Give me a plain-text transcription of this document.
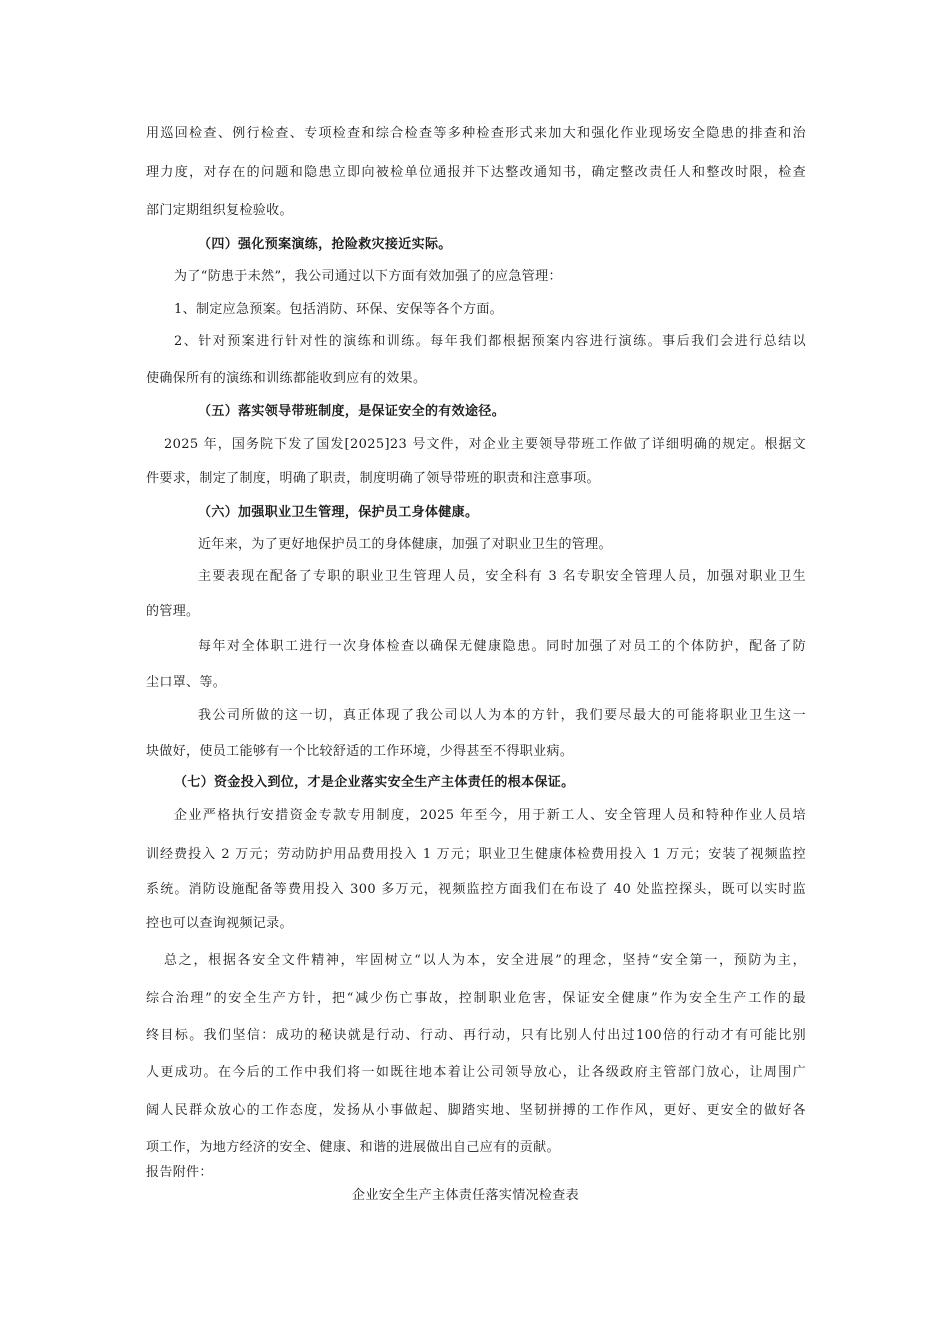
用巡回检查、例行检查、专项检查和综合检查等多种检查形式来加大和强化作业现场安全隐患的排查和治

理力度，对存在的问题和隐患立即向被检单位通报并下达整改通知书，确定整改责任人和整改时限，检查

部门定期组织复检验收。

（四）强化预案演练，抢险救灾接近实际。

为了“防患于未然”，我公司通过以下方面有效加强了的应急管理：

1、制定应急预案。包括消防、环保、安保等各个方面。

2、针对预案进行针对性的演练和训练。每年我们都根据预案内容进行演练。事后我们会进行总结以

使确保所有的演练和训练都能收到应有的效果。

（五）落实领导带班制度，是保证安全的有效途径。

2025 年，国务院下发了国发[2025]23 号文件，对企业主要领导带班工作做了详细明确的规定。根据文

件要求，制定了制度，明确了职责，制度明确了领导带班的职责和注意事项。

（六）加强职业卫生管理，保护员工身体健康。

近年来，为了更好地保护员工的身体健康，加强了对职业卫生的管理。

主要表现在配备了专职的职业卫生管理人员，安全科有 3 名专职安全管理人员，加强对职业卫生

的管理。

每年对全体职工进行一次身体检查以确保无健康隐患。同时加强了对员工的个体防护，配备了防

尘口罩、等。

我公司所做的这一切，真正体现了我公司以人为本的方针，我们要尽最大的可能将职业卫生这一

块做好，使员工能够有一个比较舒适的工作环境，少得甚至不得职业病。

（七）资金投入到位，才是企业落实安全生产主体责任的根本保证。

企业严格执行安措资金专款专用制度，2025 年至今，用于新工人、安全管理人员和特种作业人员培

训经费投入 2 万元；劳动防护用品费用投入 1 万元；职业卫生健康体检费用投入 1 万元；安装了视频监控

系统。消防设施配备等费用投入 300 多万元，视频监控方面我们在布设了 40 处监控探头，既可以实时监

控也可以查询视频记录。

总之，根据各安全文件精神，牢固树立“以人为本，安全进展”的理念，坚持“安全第一，预防为主，

综合治理”的安全生产方针，把“减少伤亡事故，控制职业危害，保证安全健康”作为安全生产工作的最

终目标。我们坚信：成功的秘诀就是行动、行动、再行动，只有比别人付出过100倍的行动才有可能比别

人更成功。在今后的工作中我们将一如既往地本着让公司领导放心，让各级政府主管部门放心，让周围广

阔人民群众放心的工作态度，发扬从小事做起、脚踏实地、坚韧拼搏的工作作风，更好、更安全的做好各

项工作，为地方经济的安全、健康、和谐的进展做出自己应有的贡献。

报告附件：

企业安全生产主体责任落实情况检查表
